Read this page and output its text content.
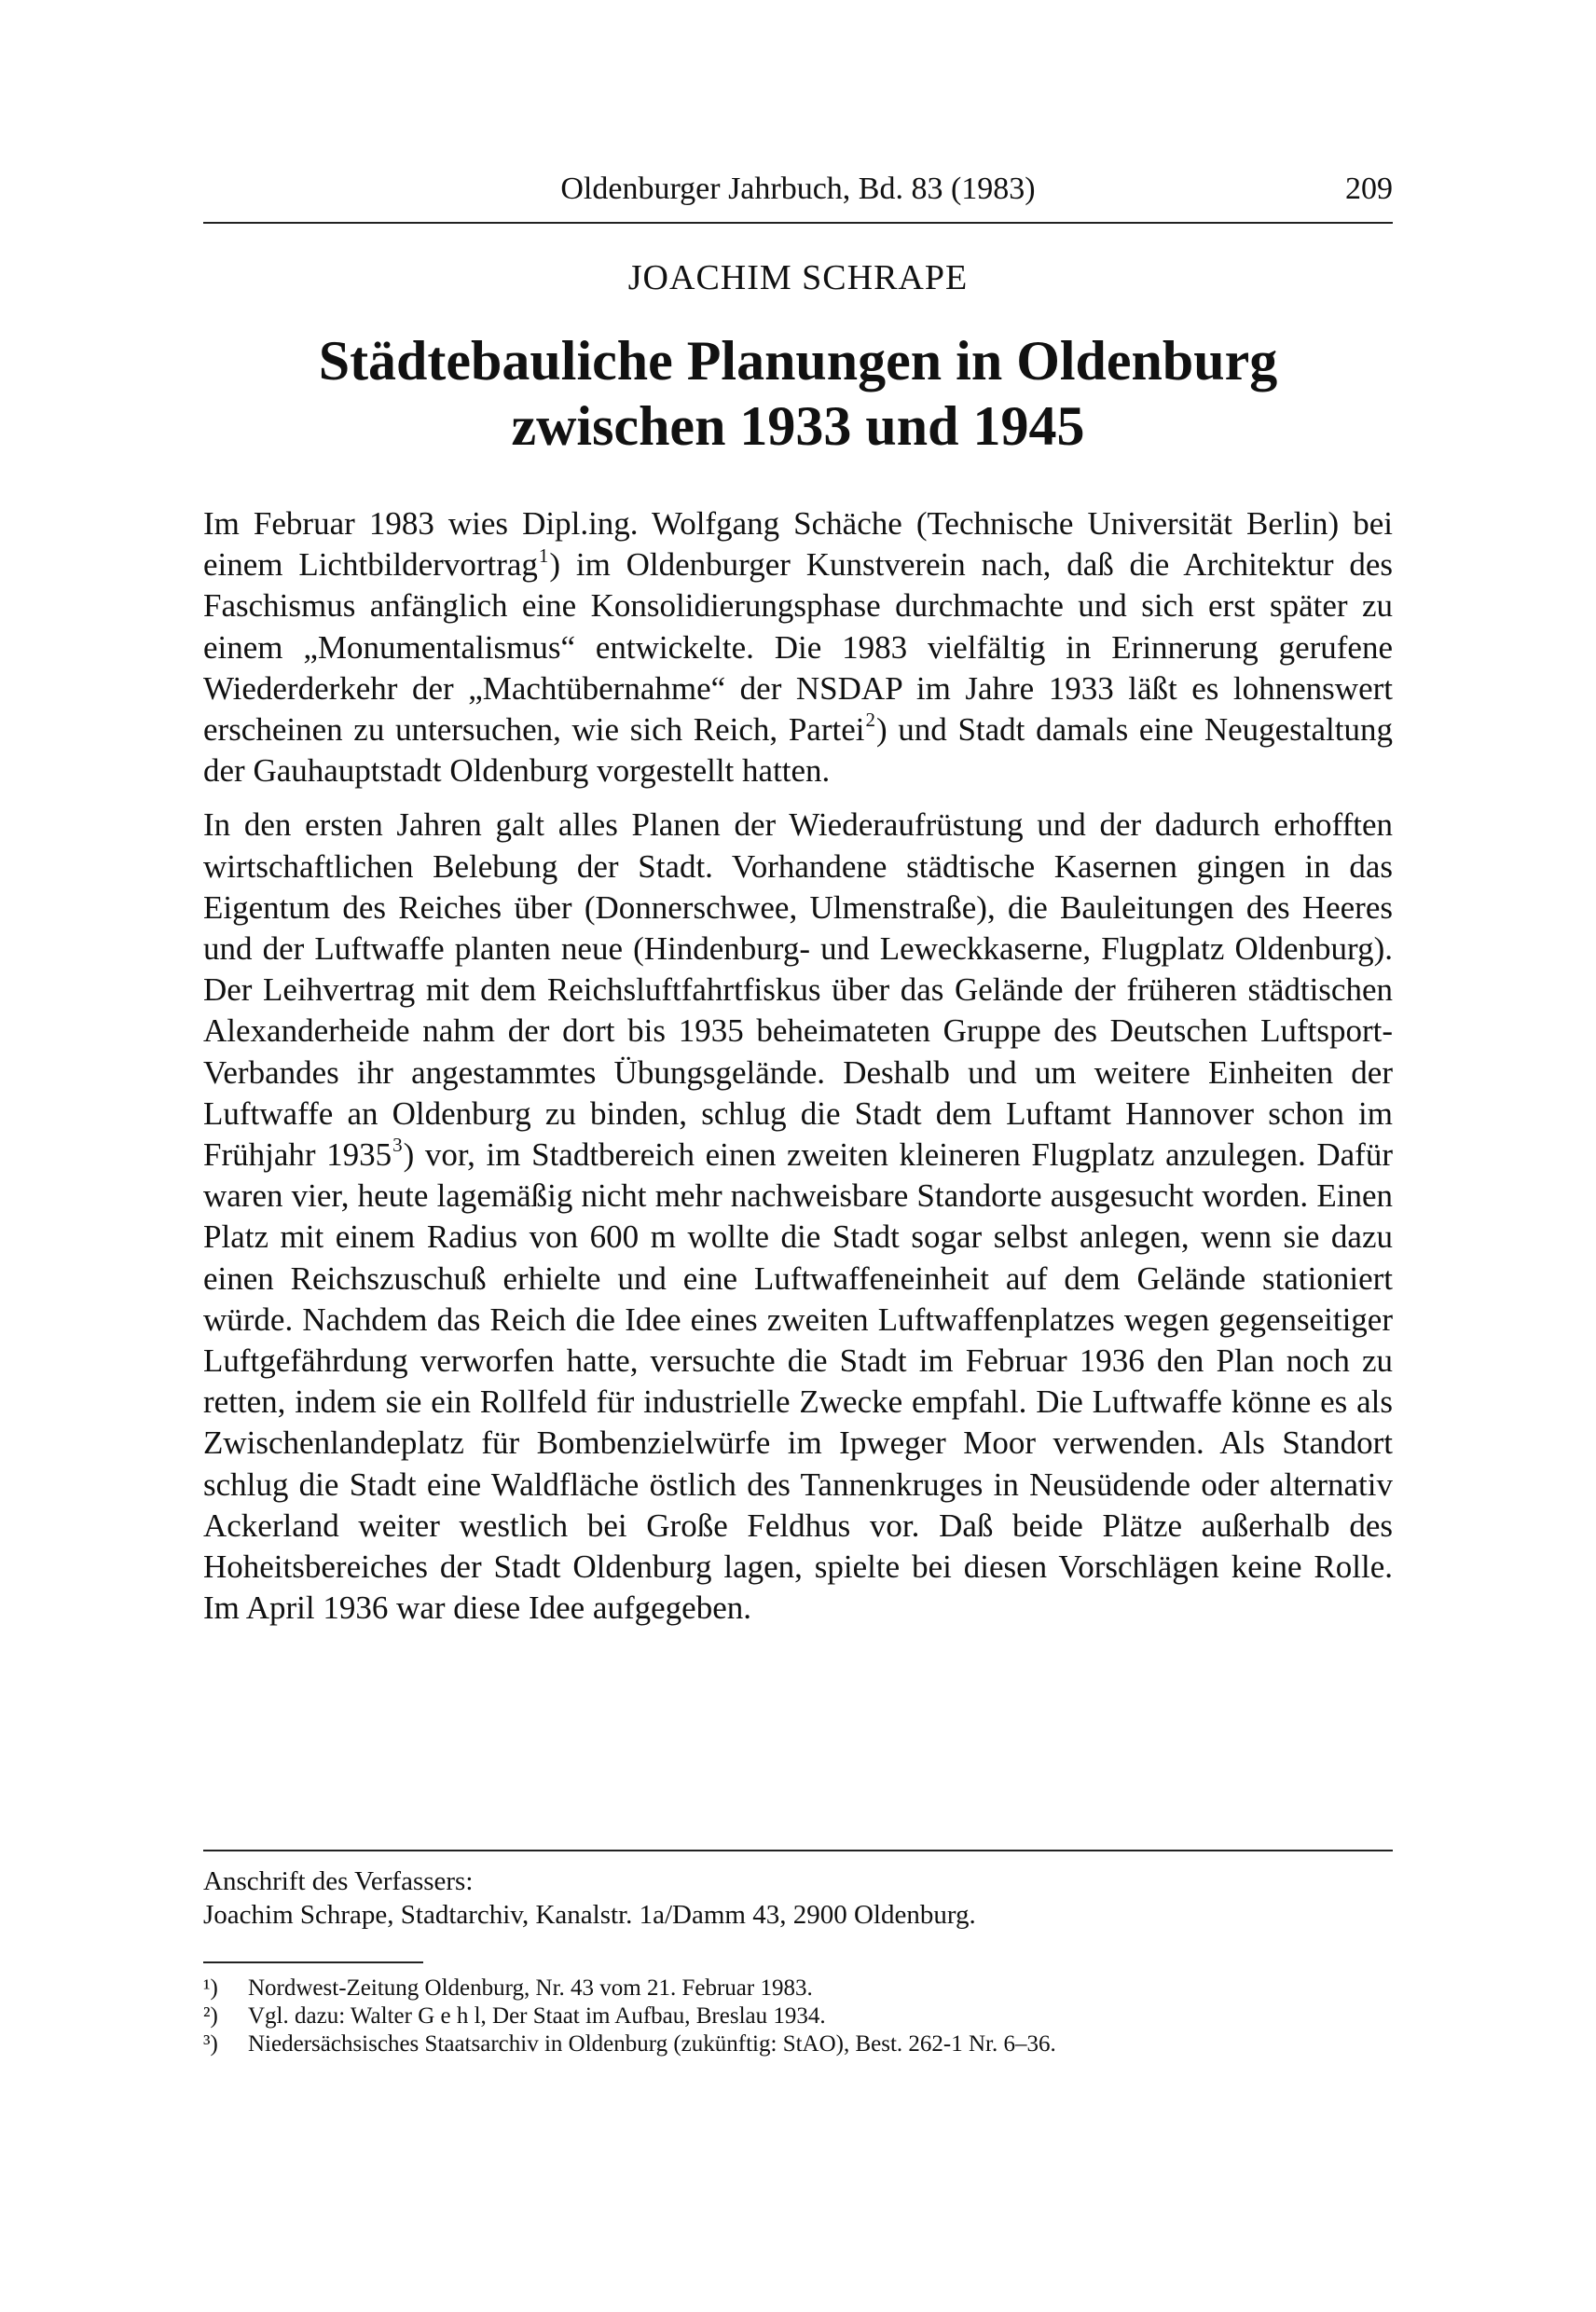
Oldenburger Jahrbuch, Bd. 83 (1983)	209
JOACHIM SCHRAPE
Städtebauliche Planungen in Oldenburg
zwischen 1933 und 1945

Im Februar 1983 wies Dipl.ing. Wolfgang Schäche (Technische Universität Berlin) bei einem Lichtbildervortrag$^1$) im Oldenburger Kunstverein nach, daß die Architektur des Faschismus anfänglich eine Konsolidierungsphase durchmachte und sich erst später zu einem „Monumentalismus“ entwickelte. Die 1983 vielfältig in Erinnerung gerufene Wiederderkehr der „Machtübernahme“ der NSDAP im Jahre 1933 läßt es lohnenswert erscheinen zu untersuchen, wie sich Reich, Partei$^2$) und Stadt damals eine Neugestaltung der Gauhauptstadt Oldenburg vorgestellt hatten.

In den ersten Jahren galt alles Planen der Wiederaufrüstung und der dadurch erhofften wirtschaftlichen Belebung der Stadt. Vorhandene städtische Kasernen gingen in das Eigentum des Reiches über (Donnerschwee, Ulmenstraße), die Bauleitungen des Heeres und der Luftwaffe planten neue (Hindenburg- und Leweckkaserne, Flugplatz Oldenburg). Der Leihvertrag mit dem Reichsluftfahrtfiskus über das Gelände der früheren städtischen Alexanderheide nahm der dort bis 1935 beheimateten Gruppe des Deutschen Luftsport-Verbandes ihr angestammtes Übungsgelände. Deshalb und um weitere Einheiten der Luftwaffe an Oldenburg zu binden, schlug die Stadt dem Luftamt Hannover schon im Frühjahr 1935$^3$) vor, im Stadtbereich einen zweiten kleineren Flugplatz anzulegen. Dafür waren vier, heute lagemäßig nicht mehr nachweisbare Standorte ausgesucht worden. Einen Platz mit einem Radius von 600 m wollte die Stadt sogar selbst anlegen, wenn sie dazu einen Reichszuschuß erhielte und eine Luftwaffeneinheit auf dem Gelände stationiert würde. Nachdem das Reich die Idee eines zweiten Luftwaffenplatzes wegen gegenseitiger Luftgefährdung verworfen hatte, versuchte die Stadt im Februar 1936 den Plan noch zu retten, indem sie ein Rollfeld für industrielle Zwecke empfahl. Die Luftwaffe könne es als Zwischenlandeplatz für Bombenzielwürfe im Ipweger Moor verwenden. Als Standort schlug die Stadt eine Waldfläche östlich des Tannenkruges in Neusüdende oder alternativ Ackerland weiter westlich bei Große Feldhus vor. Daß beide Plätze außerhalb des Hoheitsbereiches der Stadt Oldenburg lagen, spielte bei diesen Vorschlägen keine Rolle. Im April 1936 war diese Idee aufgegeben.

Anschrift des Verfassers:
Joachim Schrape, Stadtarchiv, Kanalstr. 1a/Damm 43, 2900 Oldenburg.
¹)	Nordwest-Zeitung Oldenburg, Nr. 43 vom 21. Februar 1983.
²)	Vgl. dazu: Walter G e h l, Der Staat im Aufbau, Breslau 1934.
³)	Niedersächsisches Staatsarchiv in Oldenburg (zukünftig: StAO), Best. 262-1 Nr. 6–36.
